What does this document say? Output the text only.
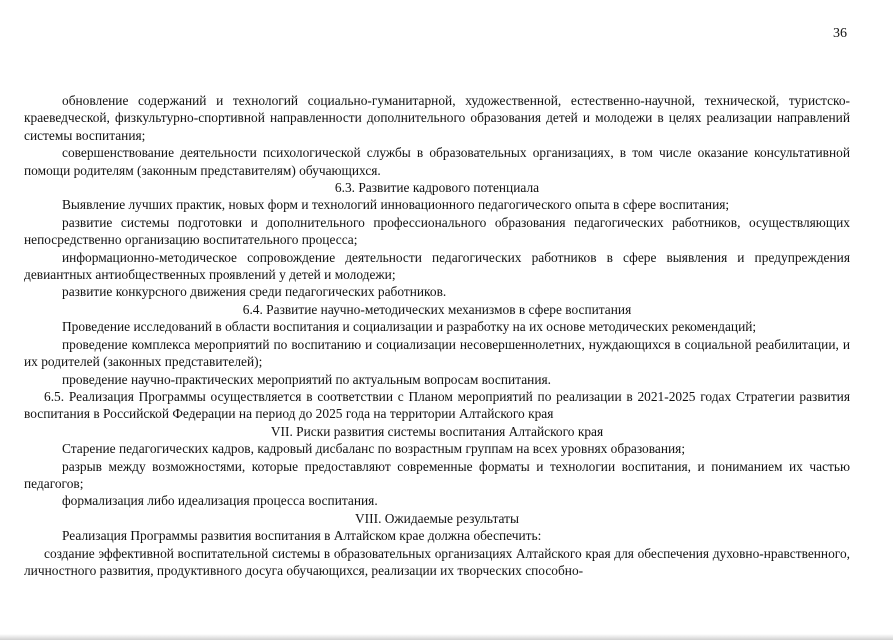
36

обновление содержаний и технологий социально-гуманитарной, художественной, естественно-научной, технической, туристско-краеведческой, физкультурно-спортивной направленности дополнительного образования детей и молодежи в целях реализации направлений системы воспитания;

совершенствование деятельности психологической службы в образовательных организациях, в том числе оказание консультативной помощи родителям (законным представителям) обучающихся.

6.3. Развитие кадрового потенциала

Выявление лучших практик, новых форм и технологий инновационного педагогического опыта в сфере воспитания;

развитие системы подготовки и дополнительного профессионального образования педагогических работников, осуществляющих непосредственно организацию воспитательного процесса;

информационно-методическое сопровождение деятельности педагогических работников в сфере выявления и предупреждения девиантных антиобщественных проявлений у детей и молодежи;

развитие конкурсного движения среди педагогических работников.

6.4. Развитие научно-методических механизмов в сфере воспитания

Проведение исследований в области воспитания и социализации и разработку на их основе методических рекомендаций;

проведение комплекса мероприятий по воспитанию и социализации несовершеннолетних, нуждающихся в социальной реабилитации, и их родителей (законных представителей);

проведение научно-практических мероприятий по актуальным вопросам воспитания.

6.5. Реализация Программы осуществляется в соответствии с Планом мероприятий по реализации в 2021-2025 годах Стратегии развития воспитания в Российской Федерации на период до 2025 года на территории Алтайского края

VII. Риски развития системы воспитания Алтайского края

Старение педагогических кадров, кадровый дисбаланс по возрастным группам на всех уровнях образования;

разрыв между возможностями, которые предоставляют современные форматы и технологии воспитания, и пониманием их частью педагогов;

формализация либо идеализация процесса воспитания.

VIII. Ожидаемые результаты

Реализация Программы развития воспитания в Алтайском крае должна обеспечить:

создание эффективной воспитательной системы в образовательных организациях Алтайского края для обеспечения духовно-нравственного, личностного развития, продуктивного досуга обучающихся, реализации их творческих способно-
